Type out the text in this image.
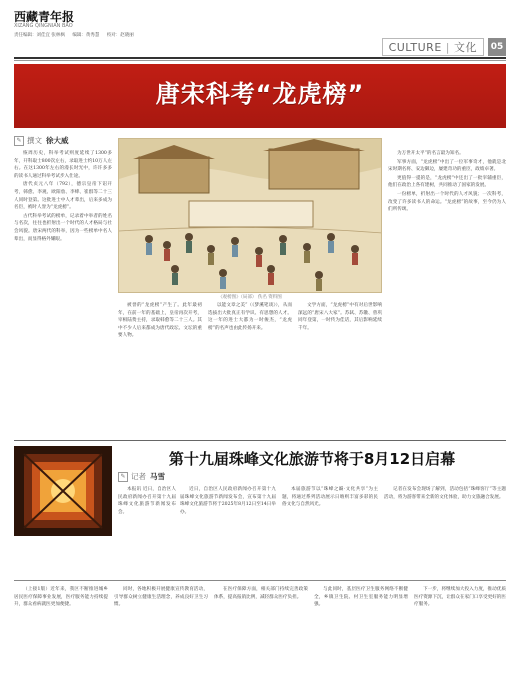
西藏青年报
XIZANG QINGNIAN BAO
责任编辑：刘佳宜 张林枫 编辑：黄秀慧 校对：赵晓丽
CULTURE | 文化	05
唐宋科考“龙虎榜”
✎ 撰文 徐大威

恢周历史，科举考试则度延续了1300多年，开科取士800次左右，录取进士约10万人左右。在这1300年左右的漫长时光中，许许多多的读书人通过科举考试步入仕途。

唐代贞元八年（792），德宗皇帝下诏开考，韩愈、李观、欧阳詹、李绛、崔群等二十三人同时登第。这批进士中人才辈出，后来多成为名臣，被时人誉为“龙虎榜”。

古代科举考试的榜单，记录着中举者的姓名与名次，往往也折射出一个时代的人才格局与社会风貌。唐宋两代的科举，因为一些榜单中名人辈出，而显得格外耀眼。

《观榜图》（局部） 佚名 资料图

被誉的“龙虎榜”产生了。此年最初年，在前一年的基础上，皇帝再次开考，宰相陆贽主持，录取韩愈等二十三人。其中不少人后来都成为唐代政坛、文坛的重要人物。

以能文章之美”（《梦溪笔谈》），从而选拔出大批真正有学识、有思想的人才。这一年的进士大都为一时俊杰，“龙虎榜”的名声也由此传扬开来。

文学方面，“龙虎榜”中有对后世影响深远的“唐宋八大家”。苏轼、苏辙、曾巩同年登第，一时传为佳话，其后影响延续千年。

为万世开太平”的名言最为知名。

军事方面，“龙虎榜”中出了一位军事奇才，他就是北宋时期名将、安边御边，屡建奇功的重臣，政绩卓著。

更值得一提的是，“龙虎榜”中还出了一批宰辅重臣，他们在政治上各有建树，共同推动了国家的发展。

一份榜单，折射出一个时代的人才风貌；一次科考，改变了许多读书人的命运。“龙虎榜”的故事，至今仍为人们所传颂。

第十九届珠峰文化旅游节将于8月12日启幕
✎ 记者 马雪

本报讯 近日，自治区人民政府新闻办召开第十九届珠峰文化旅游节新闻发布会。

近日，自治区人民政府新闻办召开第十九届珠峰文化旅游节新闻发布会，宣布第十九届珠峰文化旅游节将于2025年8月12日至14日举办。

本届旅游节以“珠峰之巅·文化共享”为主题，将通过系列活动展示日喀则丰富多彩的民俗文化与自然风光。

记者在发布会现场了解到，活动包括“珠峰客厅”等主题活动，将为游客带来全新的文化体验，助力文旅融合发展。

（上接1版）近年来，我区不断推进城乡居民医疗保障事业发展，医疗服务能力持续提升，群众看病就医更加便捷。

同时，各地积极开展健康宣传教育活动，引导群众树立健康生活理念，养成良好卫生习惯。

在医疗保障方面，相关部门持续完善政策体系，提高报销比例，减轻群众医疗负担。

与此同时，基层医疗卫生服务网络不断健全，乡镇卫生院、村卫生室服务能力明显增强。

下一步，将继续加大投入力度，推动优质医疗资源下沉，让群众在家门口享受更好的医疗服务。
